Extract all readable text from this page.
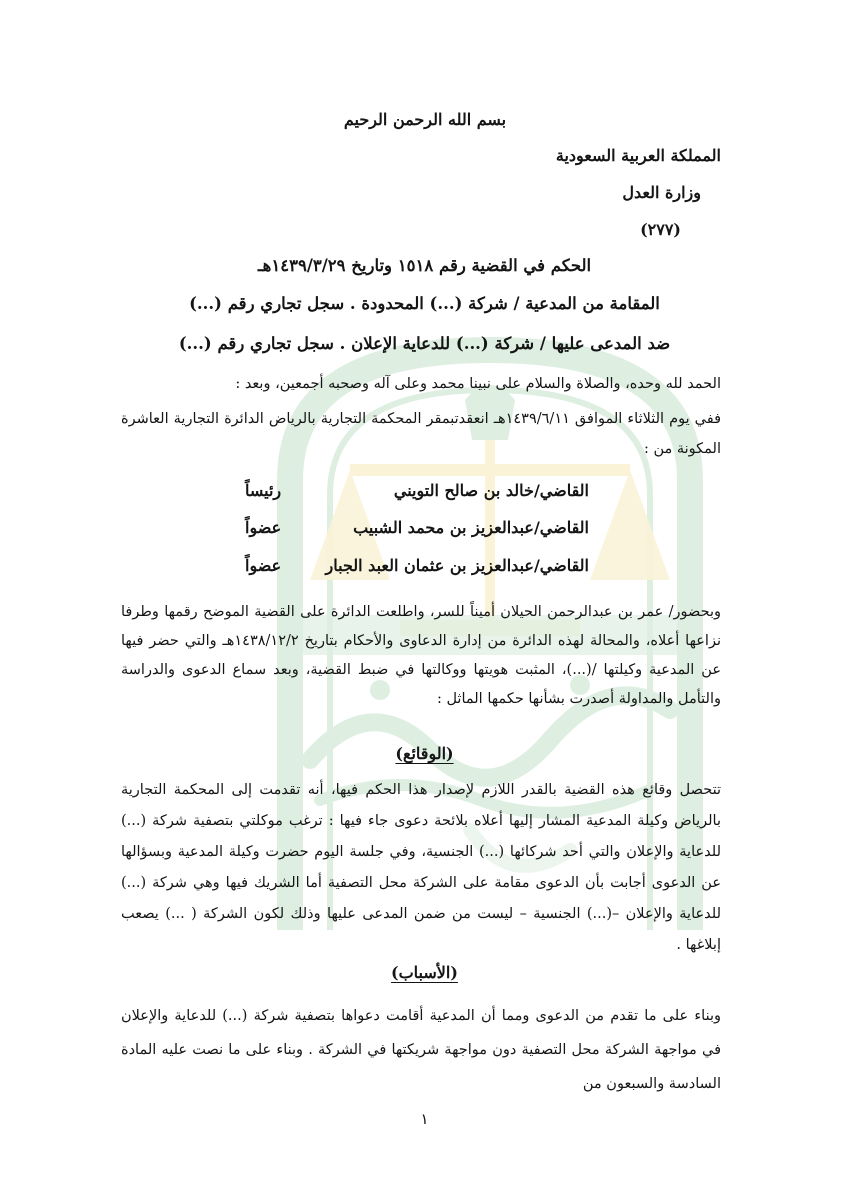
بسم الله الرحمن الرحيم
المملكة العربية السعودية
وزارة العدل
(٢٧٧)
الحكم في القضية رقم ١٥١٨ وتاريخ ١٤٣٩/٣/٢٩هـ
المقامة من المدعية / شركة (...) المحدودة . سجل تجاري رقم (...)
ضد المدعى عليها / شركة (...) للدعاية الإعلان . سجل تجاري رقم (...)
الحمد لله وحده، والصلاة والسلام على نبينا محمد وعلى آله وصحبه أجمعين، وبعد :
ففي يوم الثلاثاء الموافق ١٤٣٩/٦/١١هـ انعقدتبمقر المحكمة التجارية بالرياض الدائرة التجارية العاشرة المكونة من :
القاضي/خالد بن صالح التويني
رئيساً
القاضي/عبدالعزيز بن محمد الشبيب
عضواً
القاضي/عبدالعزيز بن عثمان العبد الجبار
عضواً
وبحضور/ عمر بن عبدالرحمن الحيلان أميناً للسر، واطلعت الدائرة على القضية الموضح رقمها وطرفا نزاعها أعلاه، والمحالة لهذه الدائرة من إدارة الدعاوى والأحكام بتاريخ ١٤٣٨/١٢/٢هـ والتي حضر فيها عن المدعية وكيلتها /(...)، المثبت هويتها ووكالتها في ضبط القضية، وبعد سماع الدعوى والدراسة والتأمل والمداولة أصدرت بشأنها حكمها الماثل :
(الوقائع)
تتحصل وقائع هذه القضية بالقدر اللازم لإصدار هذا الحكم فيها، أنه تقدمت إلى المحكمة التجارية بالرياض وكيلة المدعية المشار إليها أعلاه بلائحة دعوى جاء فيها : ترغب موكلتي بتصفية شركة (...) للدعاية والإعلان والتي أحد شركائها (...) الجنسية، وفي جلسة اليوم حضرت وكيلة المدعية وبسؤالها عن الدعوى أجابت بأن الدعوى مقامة على الشركة محل التصفية أما الشريك فيها وهي شركة (...) للدعاية والإعلان –(...) الجنسية – ليست من ضمن المدعى عليها وذلك لكون الشركة ( ...) يصعب إبلاغها .
(الأسباب)
وبناء على ما تقدم من الدعوى ومما أن المدعية أقامت دعواها بتصفية شركة (...) للدعاية والإعلان في مواجهة الشركة محل التصفية دون مواجهة شريكتها في الشركة . وبناء على ما نصت عليه المادة السادسة والسبعون من
١
